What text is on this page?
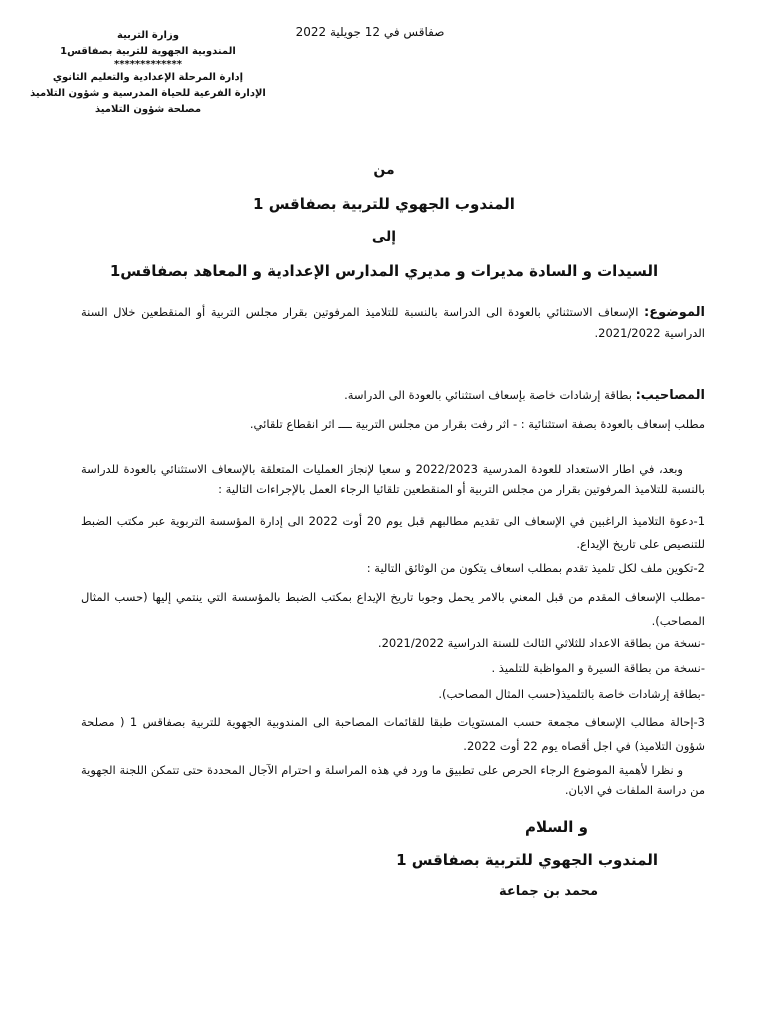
وزارة التربية
المندوبية الجهوية للتربية بصفاقس1
*************
إدارة المرحلة الإعدادية والتعليم الثانوي
الإدارة الفرعية للحياة المدرسية و شؤون التلاميذ
مصلحة شؤون التلاميذ
صفاقس في 12 جويلية 2022
من
المندوب الجهوي للتربية بصفاقس 1
إلى
السيدات و السادة مديرات و مديري المدارس الإعدادية و المعاهد بصفاقس1
الموضوع: الإسعاف الاستثنائي بالعودة الى الدراسة بالنسبة للتلاميذ المرفوتين بقرار مجلس التربية أو المنقطعين خلال السنة الدراسية 2021/2022.
المصاحيب: بطاقة إرشادات خاصة بإسعاف استثنائي بالعودة الى الدراسة.
مطلب إسعاف بالعودة بصفة استثنائية : - اثر رفت بقرار من مجلس التربية ــــ اثر انقطاع تلقائي.
وبعد، في اطار الاستعداد للعودة المدرسية 2022/2023 و سعيا لإنجاز العمليات المتعلقة بالإسعاف الاستثنائي بالعودة للدراسة بالنسبة للتلاميذ المرفوتين بقرار من مجلس التربية أو المنقطعين تلقائيا الرجاء العمل بالإجراءات التالية :
1-دعوة التلاميذ الراغبين في الإسعاف الى تقديم مطالبهم قبل يوم 20 أوت 2022 الى إدارة المؤسسة التربوية عبر مكتب الضبط للتنصيص على تاريخ الإيداع.
2-تكوين ملف لكل تلميذ تقدم بمطلب اسعاف يتكون من الوثائق التالية :
-مطلب الإسعاف المقدم من قبل المعني بالامر يحمل وجوبا تاريخ الإيداع بمكتب الضبط بالمؤسسة التي ينتمي إليها (حسب المثال المصاحب).
-نسخة من بطاقة الاعداد للثلاثي الثالث للسنة الدراسية 2021/2022.
-نسخة من بطاقة السيرة و المواظبة للتلميذ .
-بطاقة إرشادات خاصة بالتلميذ(حسب المثال المصاحب).
3-إحالة مطالب الإسعاف مجمعة حسب المستويات طبقا للقائمات المصاحبة الى المندوبية الجهوية للتربية بصفاقس 1 ( مصلحة شؤون التلاميذ) في اجل أقصاه يوم 22 أوت 2022.
و نظرا لأهمية الموضوع الرجاء الحرص على تطبيق ما ورد في هذه المراسلة و احترام الآجال المحددة حتى تتمكن اللجنة الجهوية من دراسة الملفات في الابان.
و السلام
المندوب الجهوي للتربية بصفاقس 1
محمد بن جماعة
